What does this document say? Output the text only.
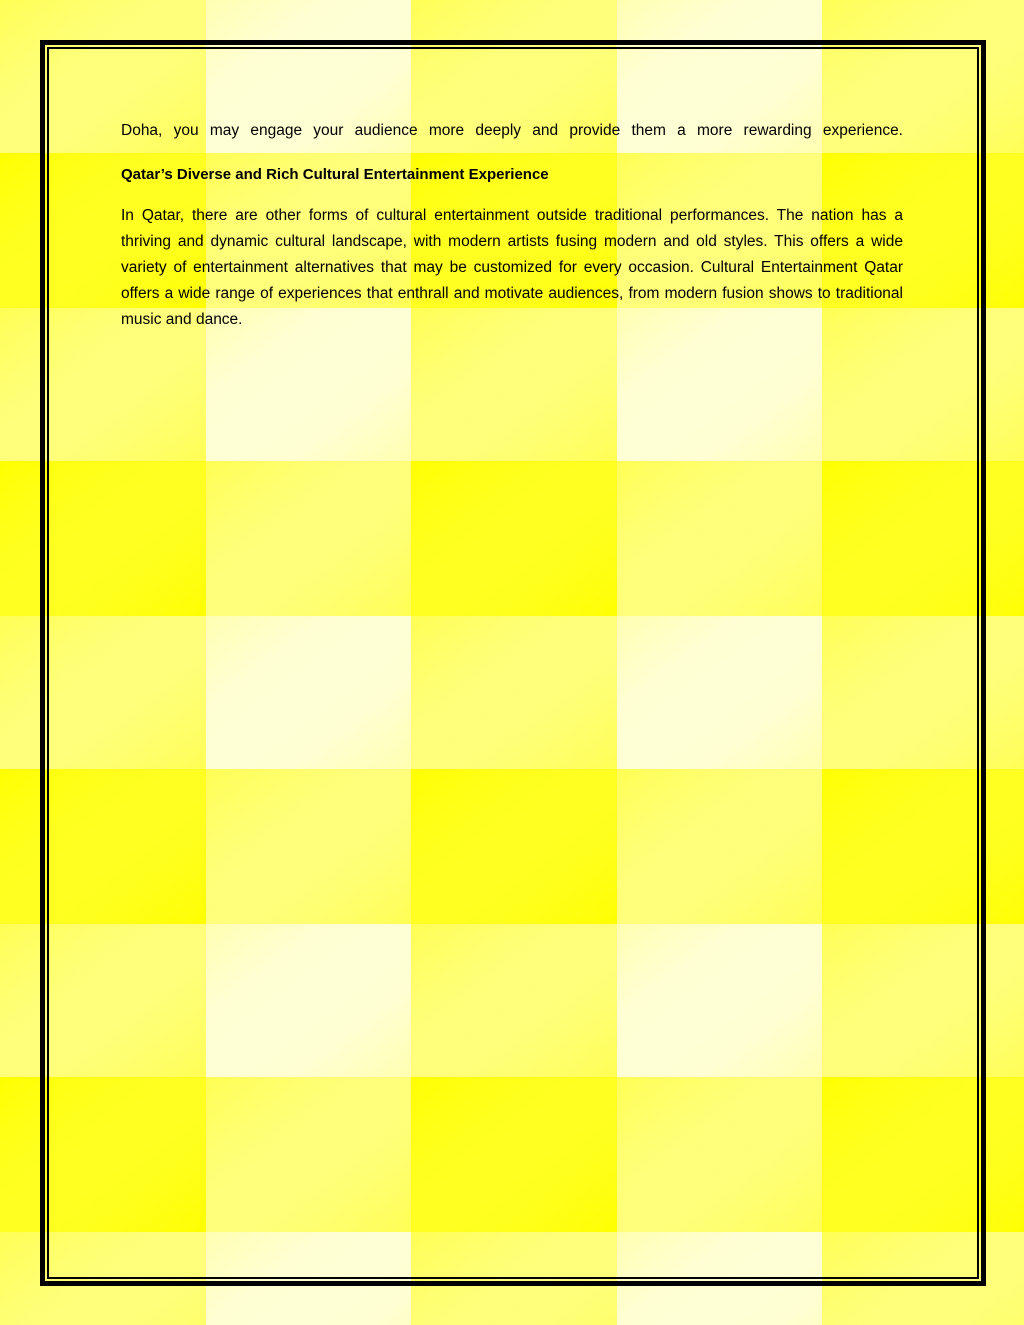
Doha, you may engage your audience more deeply and provide them a more rewarding experience.

Qatar’s Diverse and Rich Cultural Entertainment Experience

In Qatar, there are other forms of cultural entertainment outside traditional performances. The nation has a thriving and dynamic cultural landscape, with modern artists fusing modern and old styles. This offers a wide variety of entertainment alternatives that may be customized for every occasion. Cultural Entertainment Qatar offers a wide range of experiences that enthrall and motivate audiences, from modern fusion shows to traditional music and dance.
